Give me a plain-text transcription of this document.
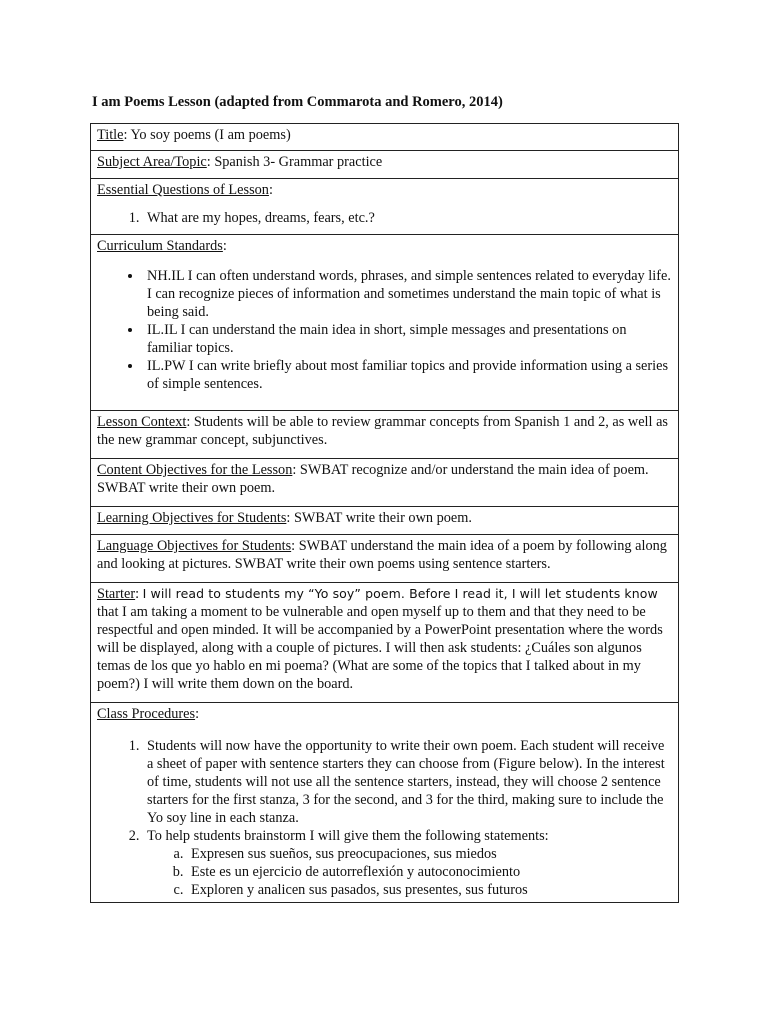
I am Poems Lesson (adapted from Commarota and Romero, 2014)
Title: Yo soy poems (I am poems)
Subject Area/Topic: Spanish 3- Grammar practice
Essential Questions of Lesson:
1. What are my hopes, dreams, fears, etc.?

Curriculum Standards:
• NH.IL I can often understand words, phrases, and simple sentences related to everyday life. I can recognize pieces of information and sometimes understand the main topic of what is being said.
• IL.IL I can understand the main idea in short, simple messages and presentations on familiar topics.
• IL.PW I can write briefly about most familiar topics and provide information using a series of simple sentences.

Lesson Context: Students will be able to review grammar concepts from Spanish 1 and 2, as well as the new grammar concept, subjunctives.
Content Objectives for the Lesson: SWBAT recognize and/or understand the main idea of poem. SWBAT write their own poem.
Learning Objectives for Students: SWBAT write their own poem.
Language Objectives for Students: SWBAT understand the main idea of a poem by following along and looking at pictures. SWBAT write their own poems using sentence starters.
Starter: I will read to students my “Yo soy” poem. Before I read it, I will let students know that I am taking a moment to be vulnerable and open myself up to them and that they need to be respectful and open minded. It will be accompanied by a PowerPoint presentation where the words will be displayed, along with a couple of pictures. I will then ask students: ¿Cuáles son algunos temas de los que yo hablo en mi poema? (What are some of the topics that I talked about in my poem?) I will write them down on the board.
Class Procedures:
1. Students will now have the opportunity to write their own poem. Each student will receive a sheet of paper with sentence starters they can choose from (Figure below). In the interest of time, students will not use all the sentence starters, instead, they will choose 2 sentence starters for the first stanza, 3 for the second, and 3 for the third, making sure to include the Yo soy line in each stanza.
2. To help students brainstorm I will give them the following statements:
a. Expresen sus sueños, sus preocupaciones, sus miedos
b. Este es un ejercicio de autorreflexión y autoconocimiento
c. Exploren y analicen sus pasados, sus presentes, sus futuros
